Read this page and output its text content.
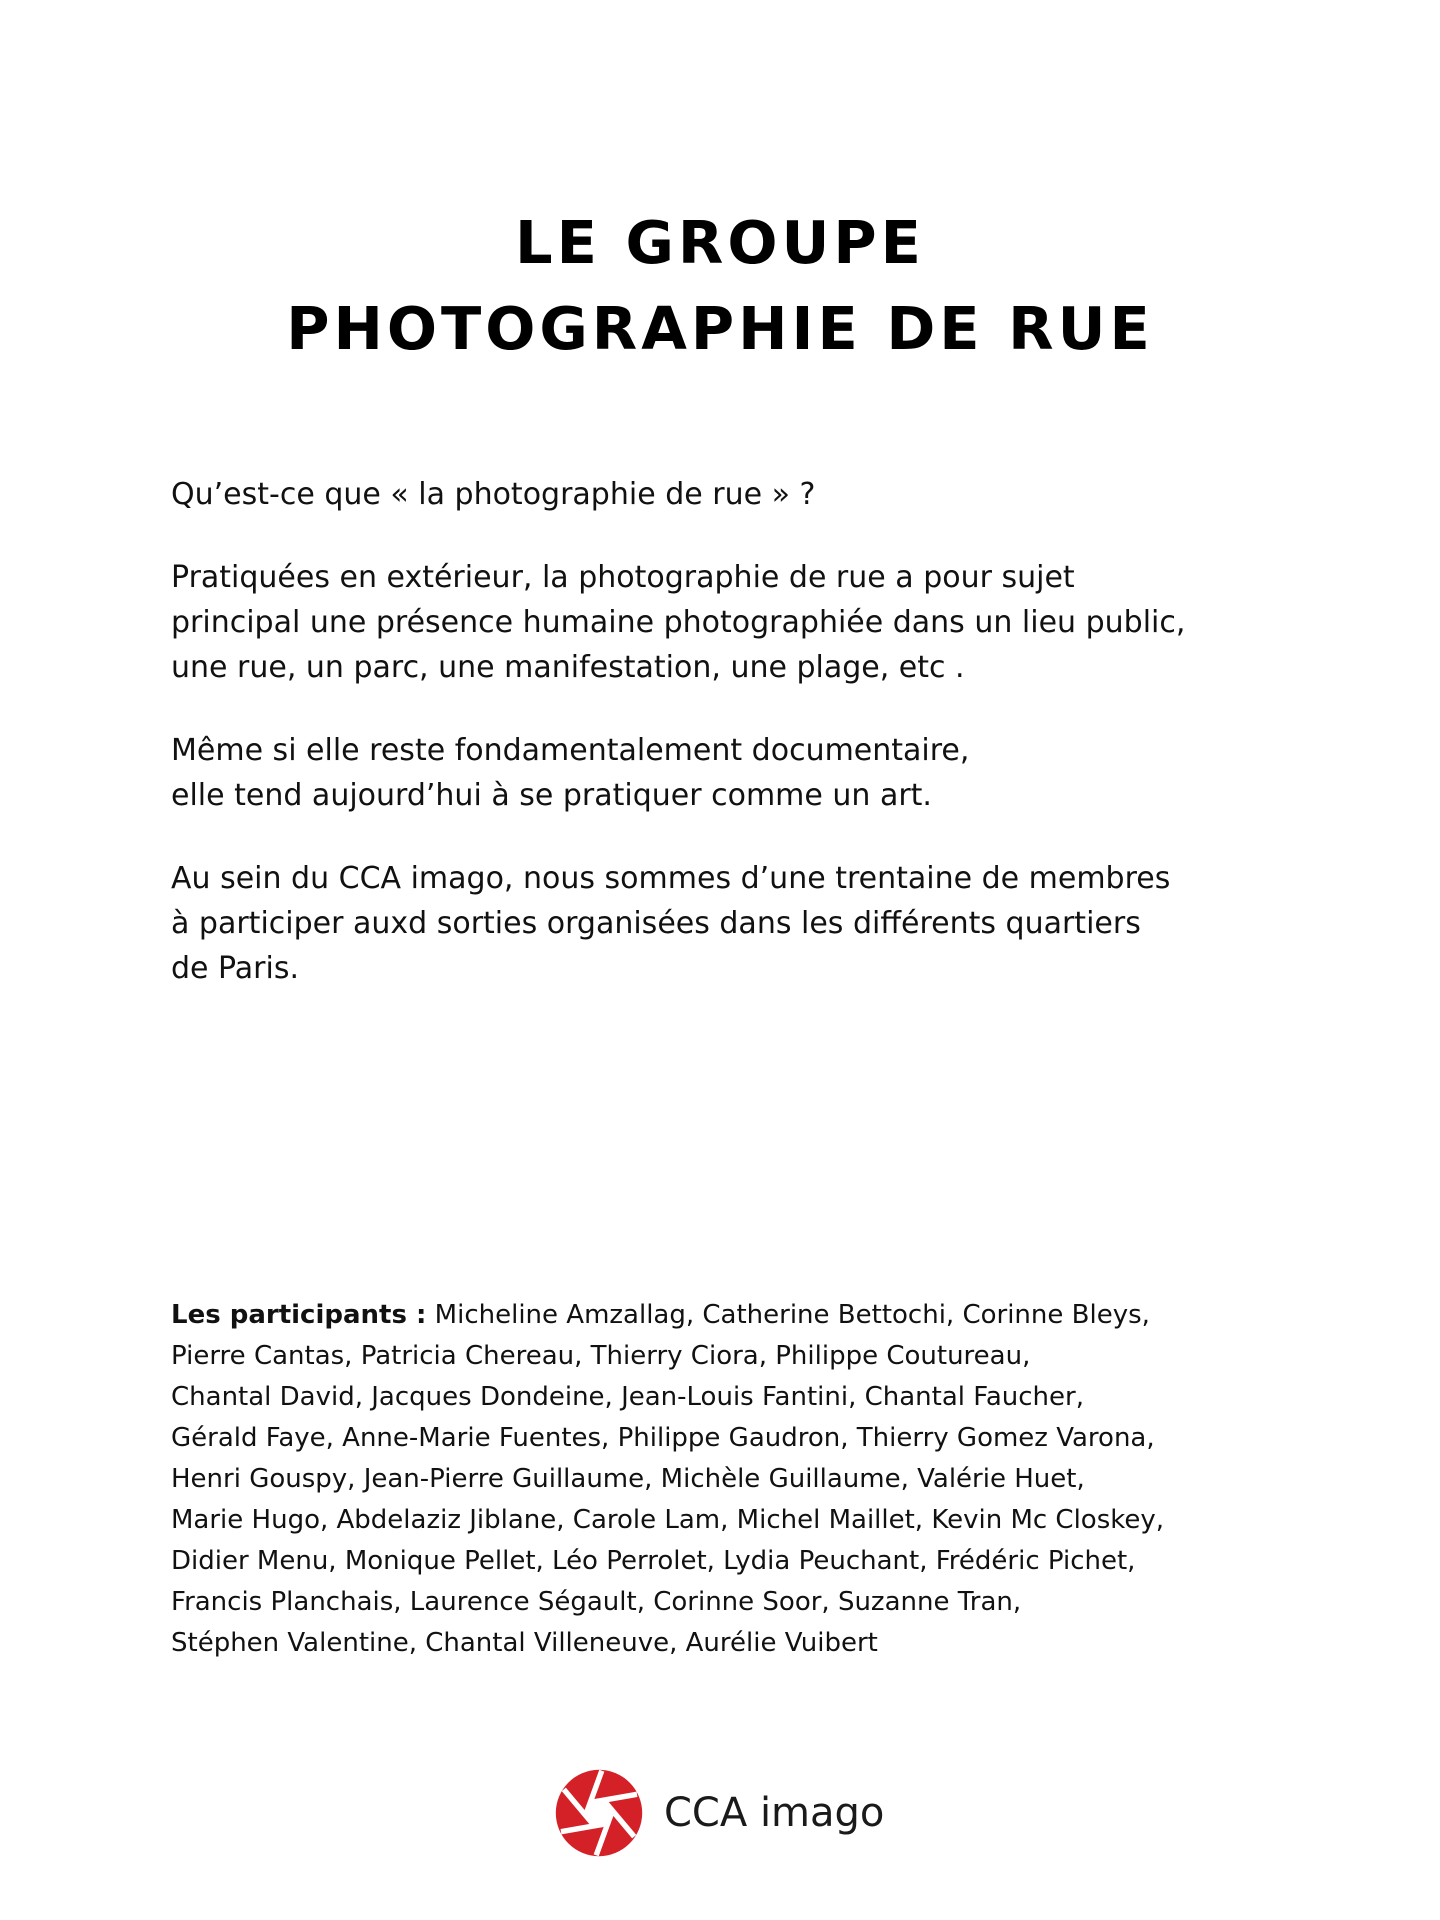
LE GROUPE
PHOTOGRAPHIE DE RUE

Qu’est-ce que « la photographie de rue » ?

Pratiquées en extérieur, la photographie de rue a pour sujet
principal une présence humaine photographiée dans un lieu public,
une rue, un parc, une manifestation, une plage, etc .

Même si elle reste fondamentalement documentaire,
elle tend aujourd’hui à se pratiquer comme un art.

Au sein du CCA imago, nous sommes d’une trentaine de membres
à participer auxd sorties organisées dans les différents quartiers
de Paris.

Les participants : Micheline Amzallag, Catherine Bettochi, Corinne Bleys,
Pierre Cantas, Patricia Chereau, Thierry Ciora, Philippe Coutureau,
Chantal David, Jacques Dondeine, Jean-Louis Fantini, Chantal Faucher,
Gérald Faye, Anne-Marie Fuentes, Philippe Gaudron, Thierry Gomez Varona,
Henri Gouspy, Jean-Pierre Guillaume, Michèle Guillaume, Valérie Huet,
Marie Hugo, Abdelaziz Jiblane, Carole Lam, Michel Maillet, Kevin Mc Closkey,
Didier Menu, Monique Pellet, Léo Perrolet, Lydia Peuchant, Frédéric Pichet,
Francis Planchais, Laurence Ségault, Corinne Soor, Suzanne Tran,
Stéphen Valentine, Chantal Villeneuve, Aurélie Vuibert
CCA imago
